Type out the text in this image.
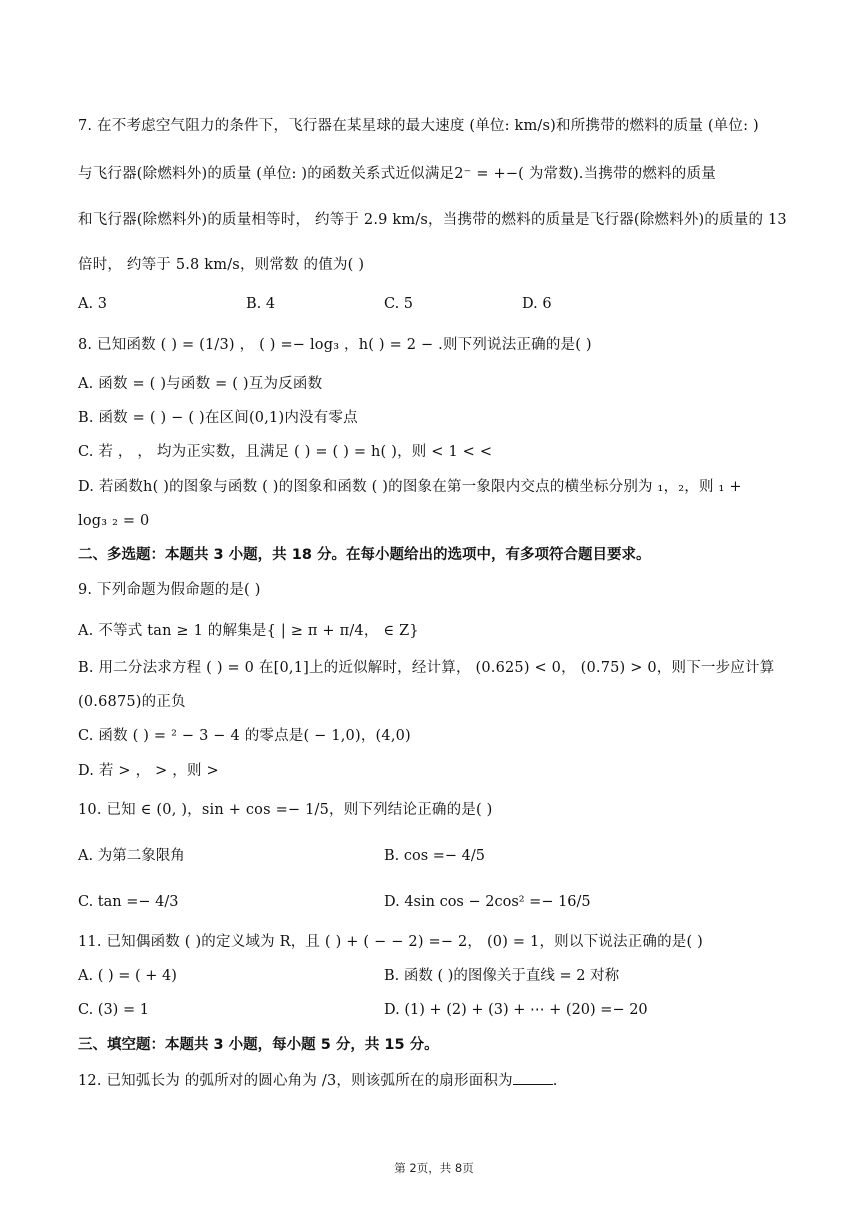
7. 在不考虑空气阻力的条件下，飞行器在某星球的最大速度 (单位: km/s)和所携带的燃料的质量 (单位: )
与飞行器(除燃料外)的质量 (单位: )的函数关系式近似满足2⁻ = +−( 为常数).当携带的燃料的质量
和飞行器(除燃料外)的质量相等时， 约等于 2.9 km/s，当携带的燃料的质量是飞行器(除燃料外)的质量的 13
倍时， 约等于 5.8 km/s，则常数 的值为( )
A. 3	B. 4	C. 5	D. 6
8. 已知函数 ( ) = (1/3) ， ( ) =− log₃ ，h( ) = 2 − .则下列说法正确的是( )
A. 函数 = ( )与函数 = ( )互为反函数
B. 函数 = ( ) − ( )在区间(0,1)内没有零点
C. 若 ， ， 均为正实数，且满足 ( ) = ( ) = h( )，则 < 1 < <
D. 若函数h( )的图象与函数 ( )的图象和函数 ( )的图象在第一象限内交点的横坐标分别为 ₁，₂，则 ₁ +
log₃ ₂ = 0
二、多选题：本题共 3 小题，共 18 分。在每小题给出的选项中，有多项符合题目要求。
9. 下列命题为假命题的是( )
A. 不等式 tan ≥ 1 的解集是{ | ≥ π + π/4， ∈ Z}
B. 用二分法求方程 ( ) = 0 在[0,1]上的近似解时，经计算， (0.625) < 0， (0.75) > 0，则下一步应计算
(0.6875)的正负
C. 函数 ( ) = ² − 3 − 4 的零点是( − 1,0)，(4,0)
D. 若 > ， > ，则 >
10. 已知 ∈ (0, )，sin + cos =− 1/5，则下列结论正确的是( )
A. 为第二象限角	B. cos =− 4/5
C. tan =− 4/3	D. 4sin cos − 2cos² =− 16/5
11. 已知偶函数 ( )的定义域为 R，且 ( ) + ( − − 2) =− 2， (0) = 1，则以下说法正确的是( )
A. ( ) = ( + 4)	B. 函数 ( )的图像关于直线 = 2 对称
C. (3) = 1	D. (1) + (2) + (3) + ⋯ + (20) =− 20
三、填空题：本题共 3 小题，每小题 5 分，共 15 分。
12. 已知弧长为 的弧所对的圆心角为 /3，则该弧所在的扇形面积为	.
第 2页，共 8页
